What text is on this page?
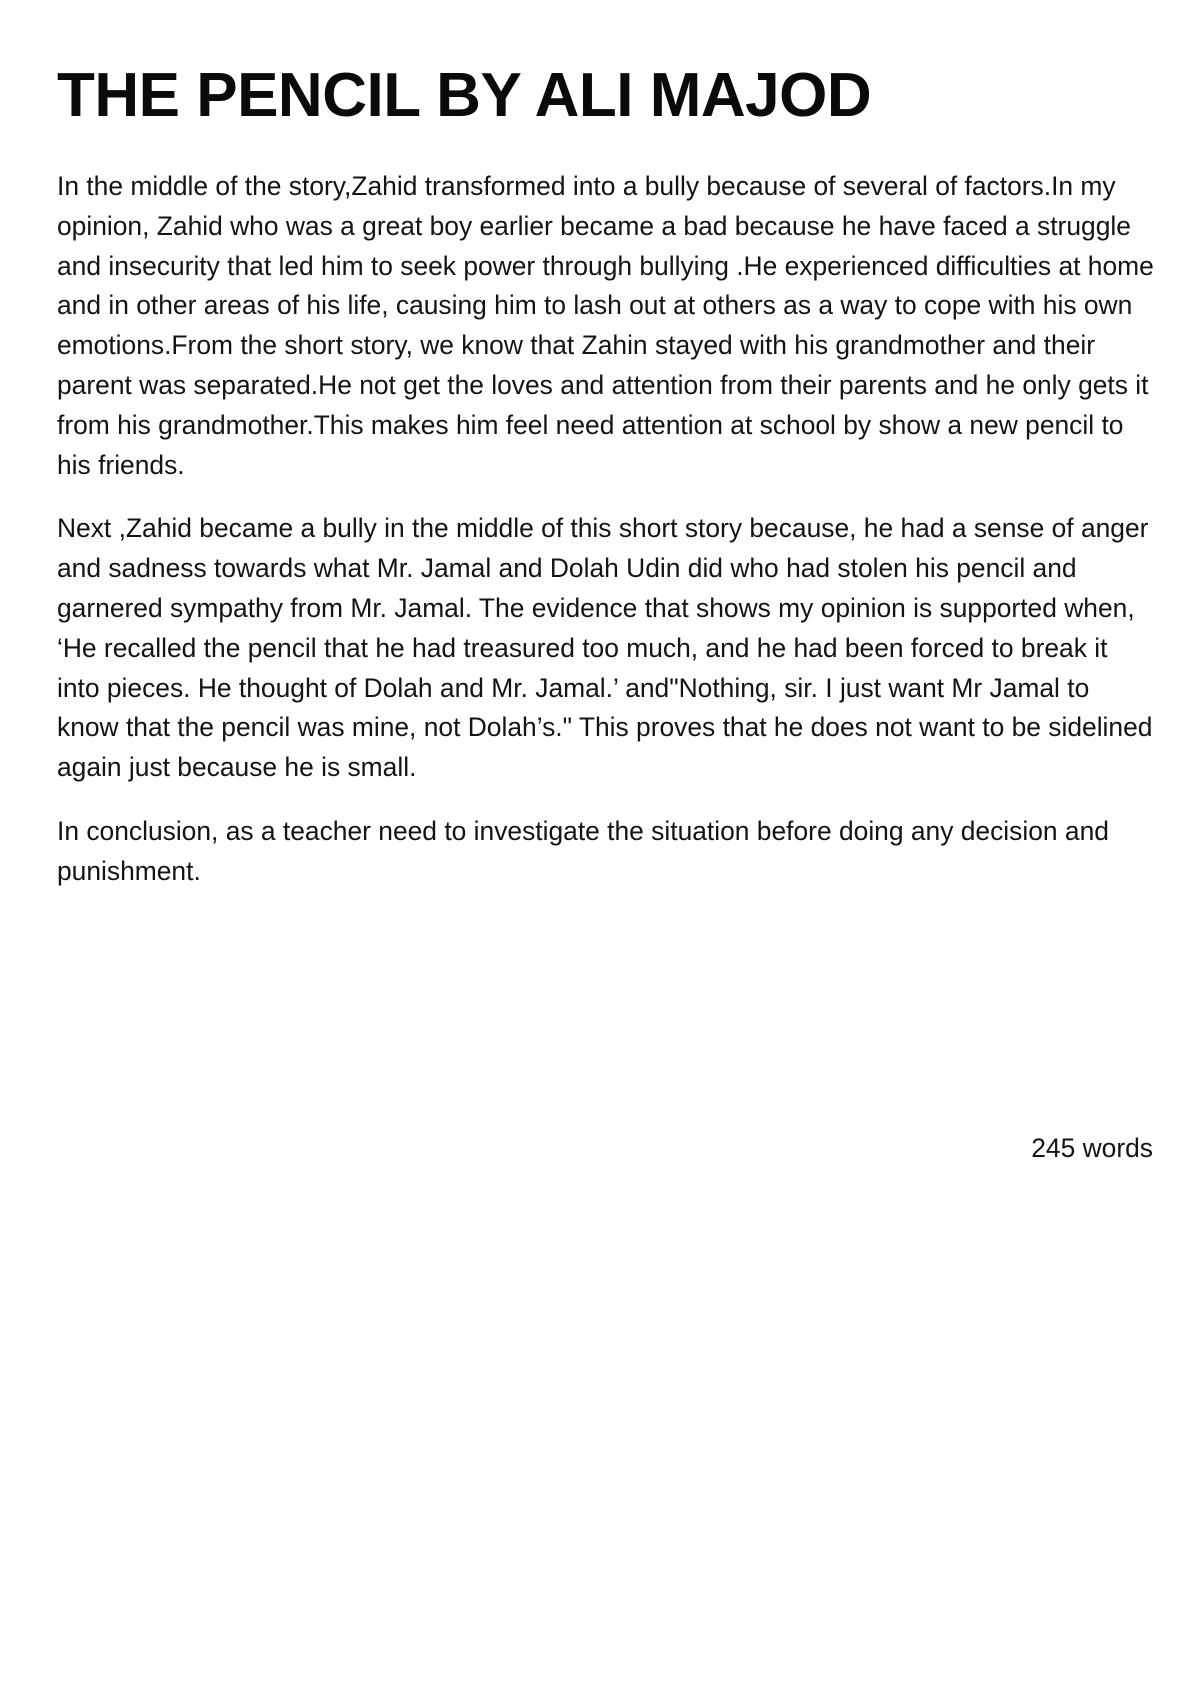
THE PENCIL BY ALI MAJOD

In the middle of the story,Zahid transformed into a bully because of several of factors.In my opinion, Zahid who was a great boy earlier became a bad because he have faced a struggle and insecurity that led him to seek power through bullying .He experienced difficulties at home and in other areas of his life, causing him to lash out at others as a way to cope with his own emotions.From the short story, we know that Zahin stayed with his grandmother and their parent was separated.He not get the loves and attention from their parents and he only gets it from his grandmother.This makes him feel need attention at school by show a new pencil to his friends.

Next ,Zahid became a bully in the middle of this short story because, he had a sense of anger and sadness towards what Mr. Jamal and Dolah Udin did who had stolen his pencil and garnered sympathy from Mr. Jamal. The evidence that shows my opinion is supported when, ‘He recalled the pencil that he had treasured too much, and he had been forced to break it into pieces. He thought of Dolah and Mr. Jamal.’ and"Nothing, sir. I just want Mr Jamal to know that the pencil was mine, not Dolah’s." This proves that he does not want to be sidelined again just because he is small.

In conclusion, as a teacher need to investigate the situation before doing any decision and punishment.

245 words
